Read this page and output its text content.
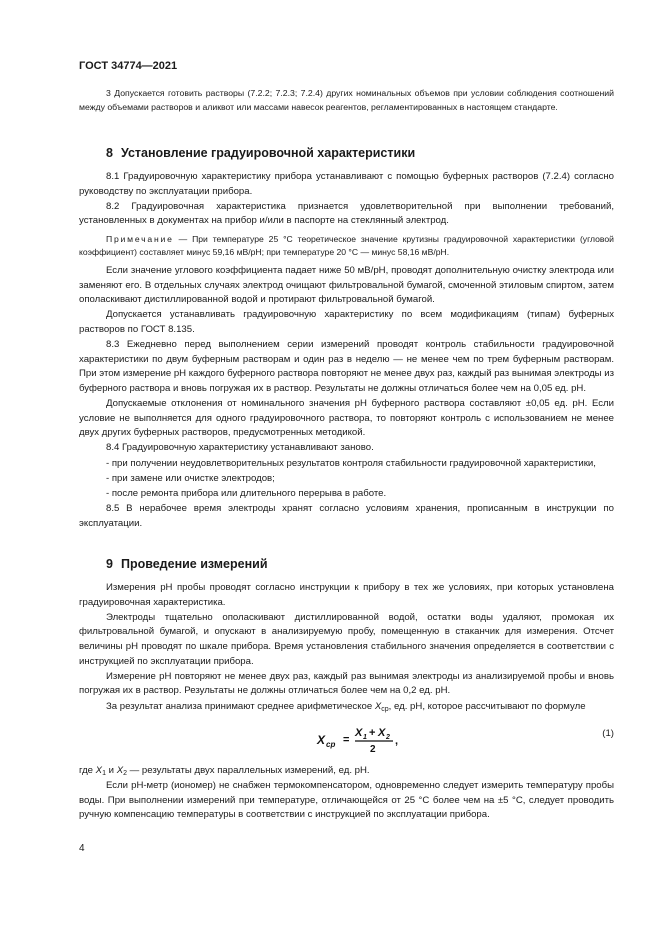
ГОСТ 34774—2021

3 Допускается готовить растворы (7.2.2; 7.2.3; 7.2.4) других номинальных объемов при условии соблюдения соотношений между объемами растворов и аликвот или массами навесок реагентов, регламентированных в настоящем стандарте.

8 Установление градуировочной характеристики

8.1 Градуировочную характеристику прибора устанавливают с помощью буферных растворов (7.2.4) согласно руководству по эксплуатации прибора.

8.2 Градуировочная характеристика признается удовлетворительной при выполнении требований, установленных в документах на прибор и/или в паспорте на стеклянный электрод.

Примечание — При температуре 25 °С теоретическое значение крутизны градуировочной характеристики (угловой коэффициент) составляет минус 59,16 мВ/pH; при температуре 20 °С — минус 58,16 мВ/pH.

Если значение углового коэффициента падает ниже 50 мВ/pH, проводят дополнительную очистку электрода или заменяют его. В отдельных случаях электрод очищают фильтровальной бумагой, смоченной этиловым спиртом, затем ополаскивают дистиллированной водой и протирают фильтровальной бумагой.

Допускается устанавливать градуировочную характеристику по всем модификациям (типам) буферных растворов по ГОСТ 8.135.

8.3 Ежедневно перед выполнением серии измерений проводят контроль стабильности градуировочной характеристики по двум буферным растворам и один раз в неделю — не менее чем по трем буферным растворам. При этом измерение pH каждого буферного раствора повторяют не менее двух раз, каждый раз вынимая электроды из буферного раствора и вновь погружая их в раствор. Результаты не должны отличаться более чем на 0,05 ед. pH.

Допускаемые отклонения от номинального значения pH буферного раствора составляют ±0,05 ед. pH. Если условие не выполняется для одного градуировочного раствора, то повторяют контроль с использованием не менее двух других буферных растворов, предусмотренных методикой.

8.4 Градуировочную характеристику устанавливают заново.

- при получении неудовлетворительных результатов контроля стабильности градуировочной характеристики,

- при замене или очистке электродов;

- после ремонта прибора или длительного перерыва в работе.

8.5 В нерабочее время электроды хранят согласно условиям хранения, прописанным в инструкции по эксплуатации.

9 Проведение измерений

Измерения pH пробы проводят согласно инструкции к прибору в тех же условиях, при которых установлена градуировочная характеристика.

Электроды тщательно ополаскивают дистиллированной водой, остатки воды удаляют, промокая их фильтровальной бумагой, и опускают в анализируемую пробу, помещенную в стаканчик для измерения. Отсчет величины pH проводят по шкале прибора. Время установления стабильного значения определяется в соответствии с инструкцией по эксплуатации прибора.

Измерение pH повторяют не менее двух раз, каждый раз вынимая электроды из анализируемой пробы и вновь погружая их в раствор. Результаты не должны отличаться более чем на 0,2 ед. pH.

За результат анализа принимают среднее арифметическое $X_{ср}$, ед. pH, которое рассчитывают по формуле

X ср =
X 1 + X 2
2
,
(1)

где $X_1$ и $X_2$ — результаты двух параллельных измерений, ед. pH.

Если pH-метр (иономер) не снабжен термокомпенсатором, одновременно следует измерить температуру пробы воды. При выполнении измерений при температуре, отличающейся от 25 °С более чем на ±5 °С, следует проводить ручную компенсацию температуры в соответствии с инструкцией по эксплуатации прибора.

4
